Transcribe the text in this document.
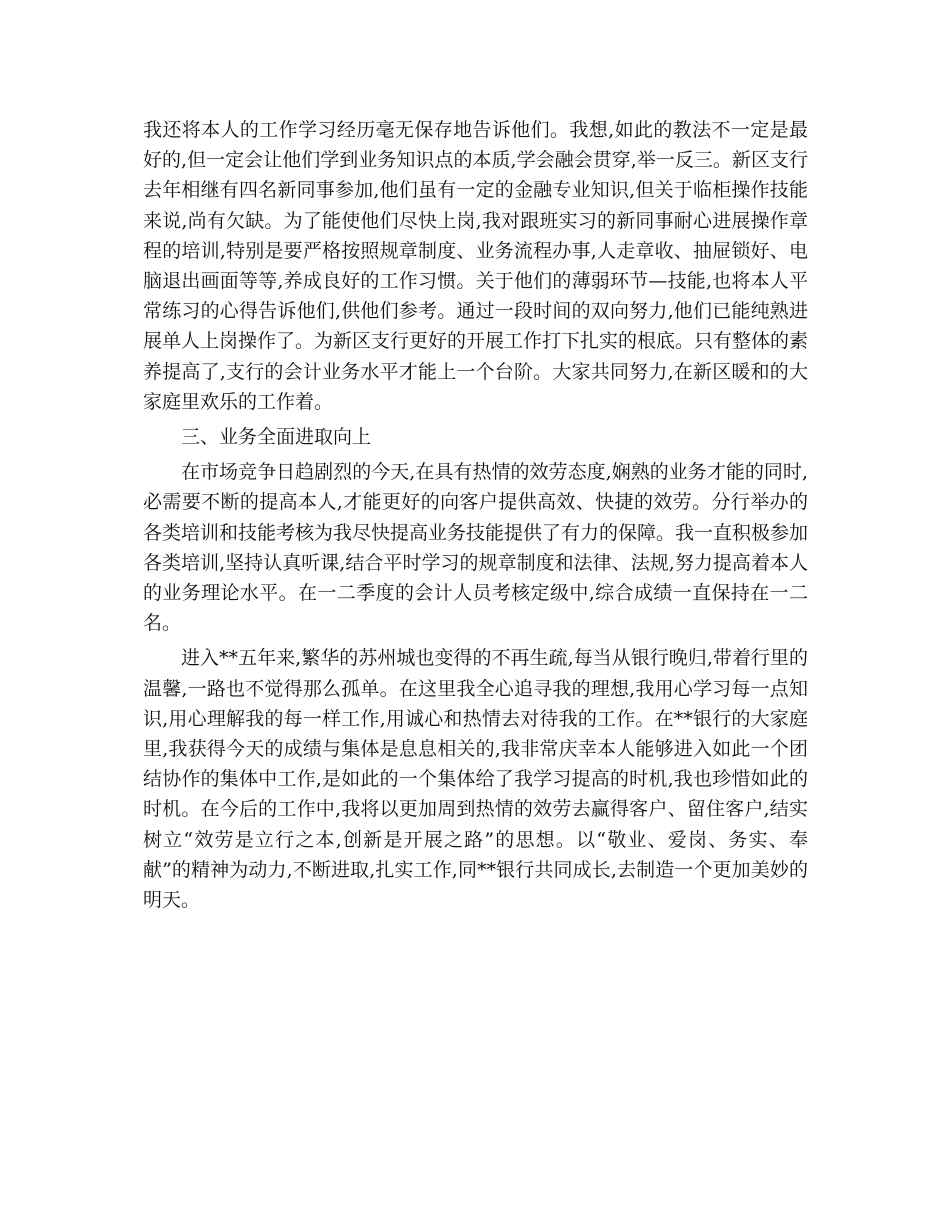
我还将本人的工作学习经历毫无保存地告诉他们。我想,如此的教法不一定是最好的,但一定会让他们学到业务知识点的本质,学会融会贯穿,举一反三。新区支行去年相继有四名新同事参加,他们虽有一定的金融专业知识,但关于临柜操作技能来说,尚有欠缺。为了能使他们尽快上岗,我对跟班实习的新同事耐心进展操作章程的培训,特别是要严格按照规章制度、业务流程办事,人走章收、抽屉锁好、电脑退出画面等等,养成良好的工作习惯。关于他们的薄弱环节—技能,也将本人平常练习的心得告诉他们,供他们参考。通过一段时间的双向努力,他们已能纯熟进展单人上岗操作了。为新区支行更好的开展工作打下扎实的根底。只有整体的素养提高了,支行的会计业务水平才能上一个台阶。大家共同努力,在新区暖和的大家庭里欢乐的工作着。

三、业务全面进取向上

在市场竞争日趋剧烈的今天,在具有热情的效劳态度,娴熟的业务才能的同时,必需要不断的提高本人,才能更好的向客户提供高效、快捷的效劳。分行举办的各类培训和技能考核为我尽快提高业务技能提供了有力的保障。我一直积极参加各类培训,坚持认真听课,结合平时学习的规章制度和法律、法规,努力提高着本人的业务理论水平。在一二季度的会计人员考核定级中,综合成绩一直保持在一二名。

进入**五年来,繁华的苏州城也变得的不再生疏,每当从银行晚归,带着行里的温馨,一路也不觉得那么孤单。在这里我全心追寻我的理想,我用心学习每一点知识,用心理解我的每一样工作,用诚心和热情去对待我的工作。在**银行的大家庭里,我获得今天的成绩与集体是息息相关的,我非常庆幸本人能够进入如此一个团结协作的集体中工作,是如此的一个集体给了我学习提高的时机,我也珍惜如此的时机。在今后的工作中,我将以更加周到热情的效劳去赢得客户、留住客户,结实树立“效劳是立行之本,创新是开展之路”的思想。以“敬业、爱岗、务实、奉献”的精神为动力,不断进取,扎实工作,同**银行共同成长,去制造一个更加美妙的明天。
